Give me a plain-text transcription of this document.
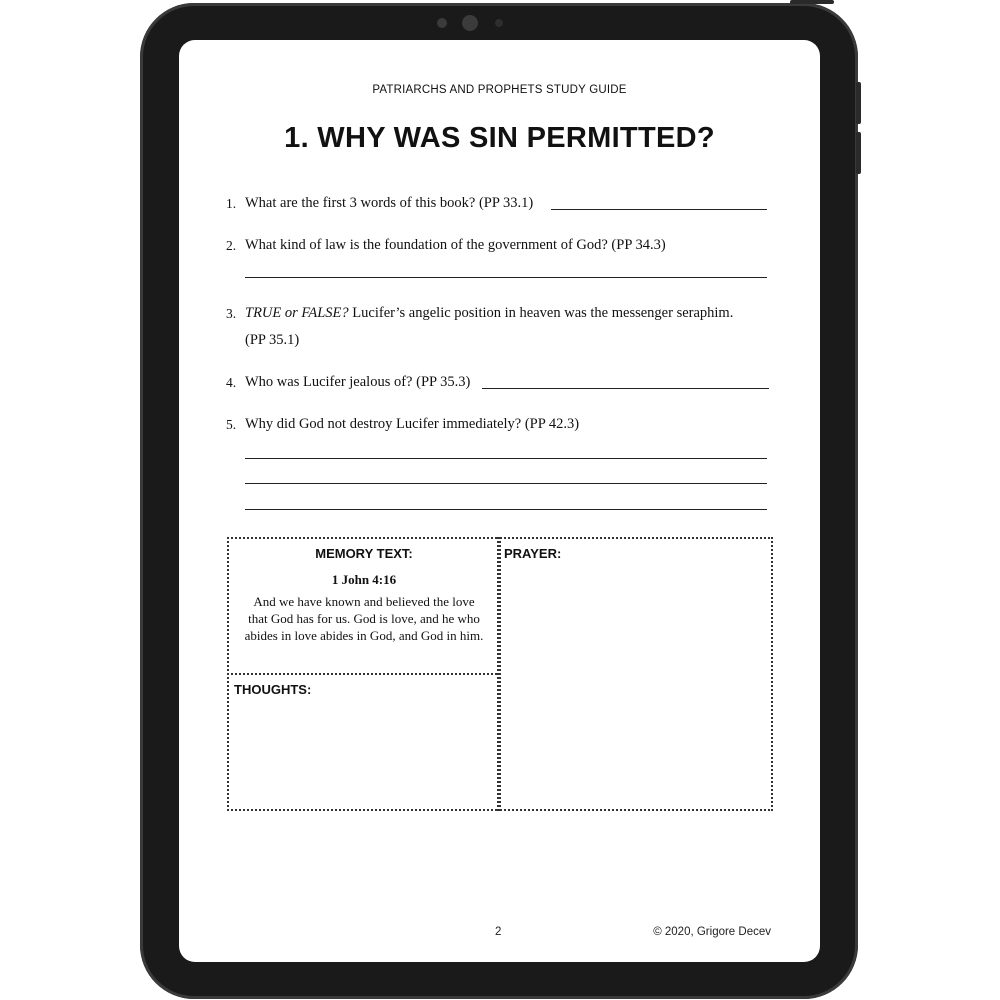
PATRIARCHS AND PROPHETS STUDY GUIDE
1. WHY WAS SIN PERMITTED?
1. What are the first 3 words of this book? (PP 33.1)
2. What kind of law is the foundation of the government of God? (PP 34.3)
3. TRUE or FALSE? Lucifer’s angelic position in heaven was the messenger seraphim.
(PP 35.1)
4. Who was Lucifer jealous of? (PP 35.3)
5. Why did God not destroy Lucifer immediately? (PP 42.3)
MEMORY TEXT:
1 John 4:16
And we have known and believed the love
that God has for us. God is love, and he who
abides in love abides in God, and God in him.
PRAYER:
THOUGHTS:
2	© 2020, Grigore Decev
